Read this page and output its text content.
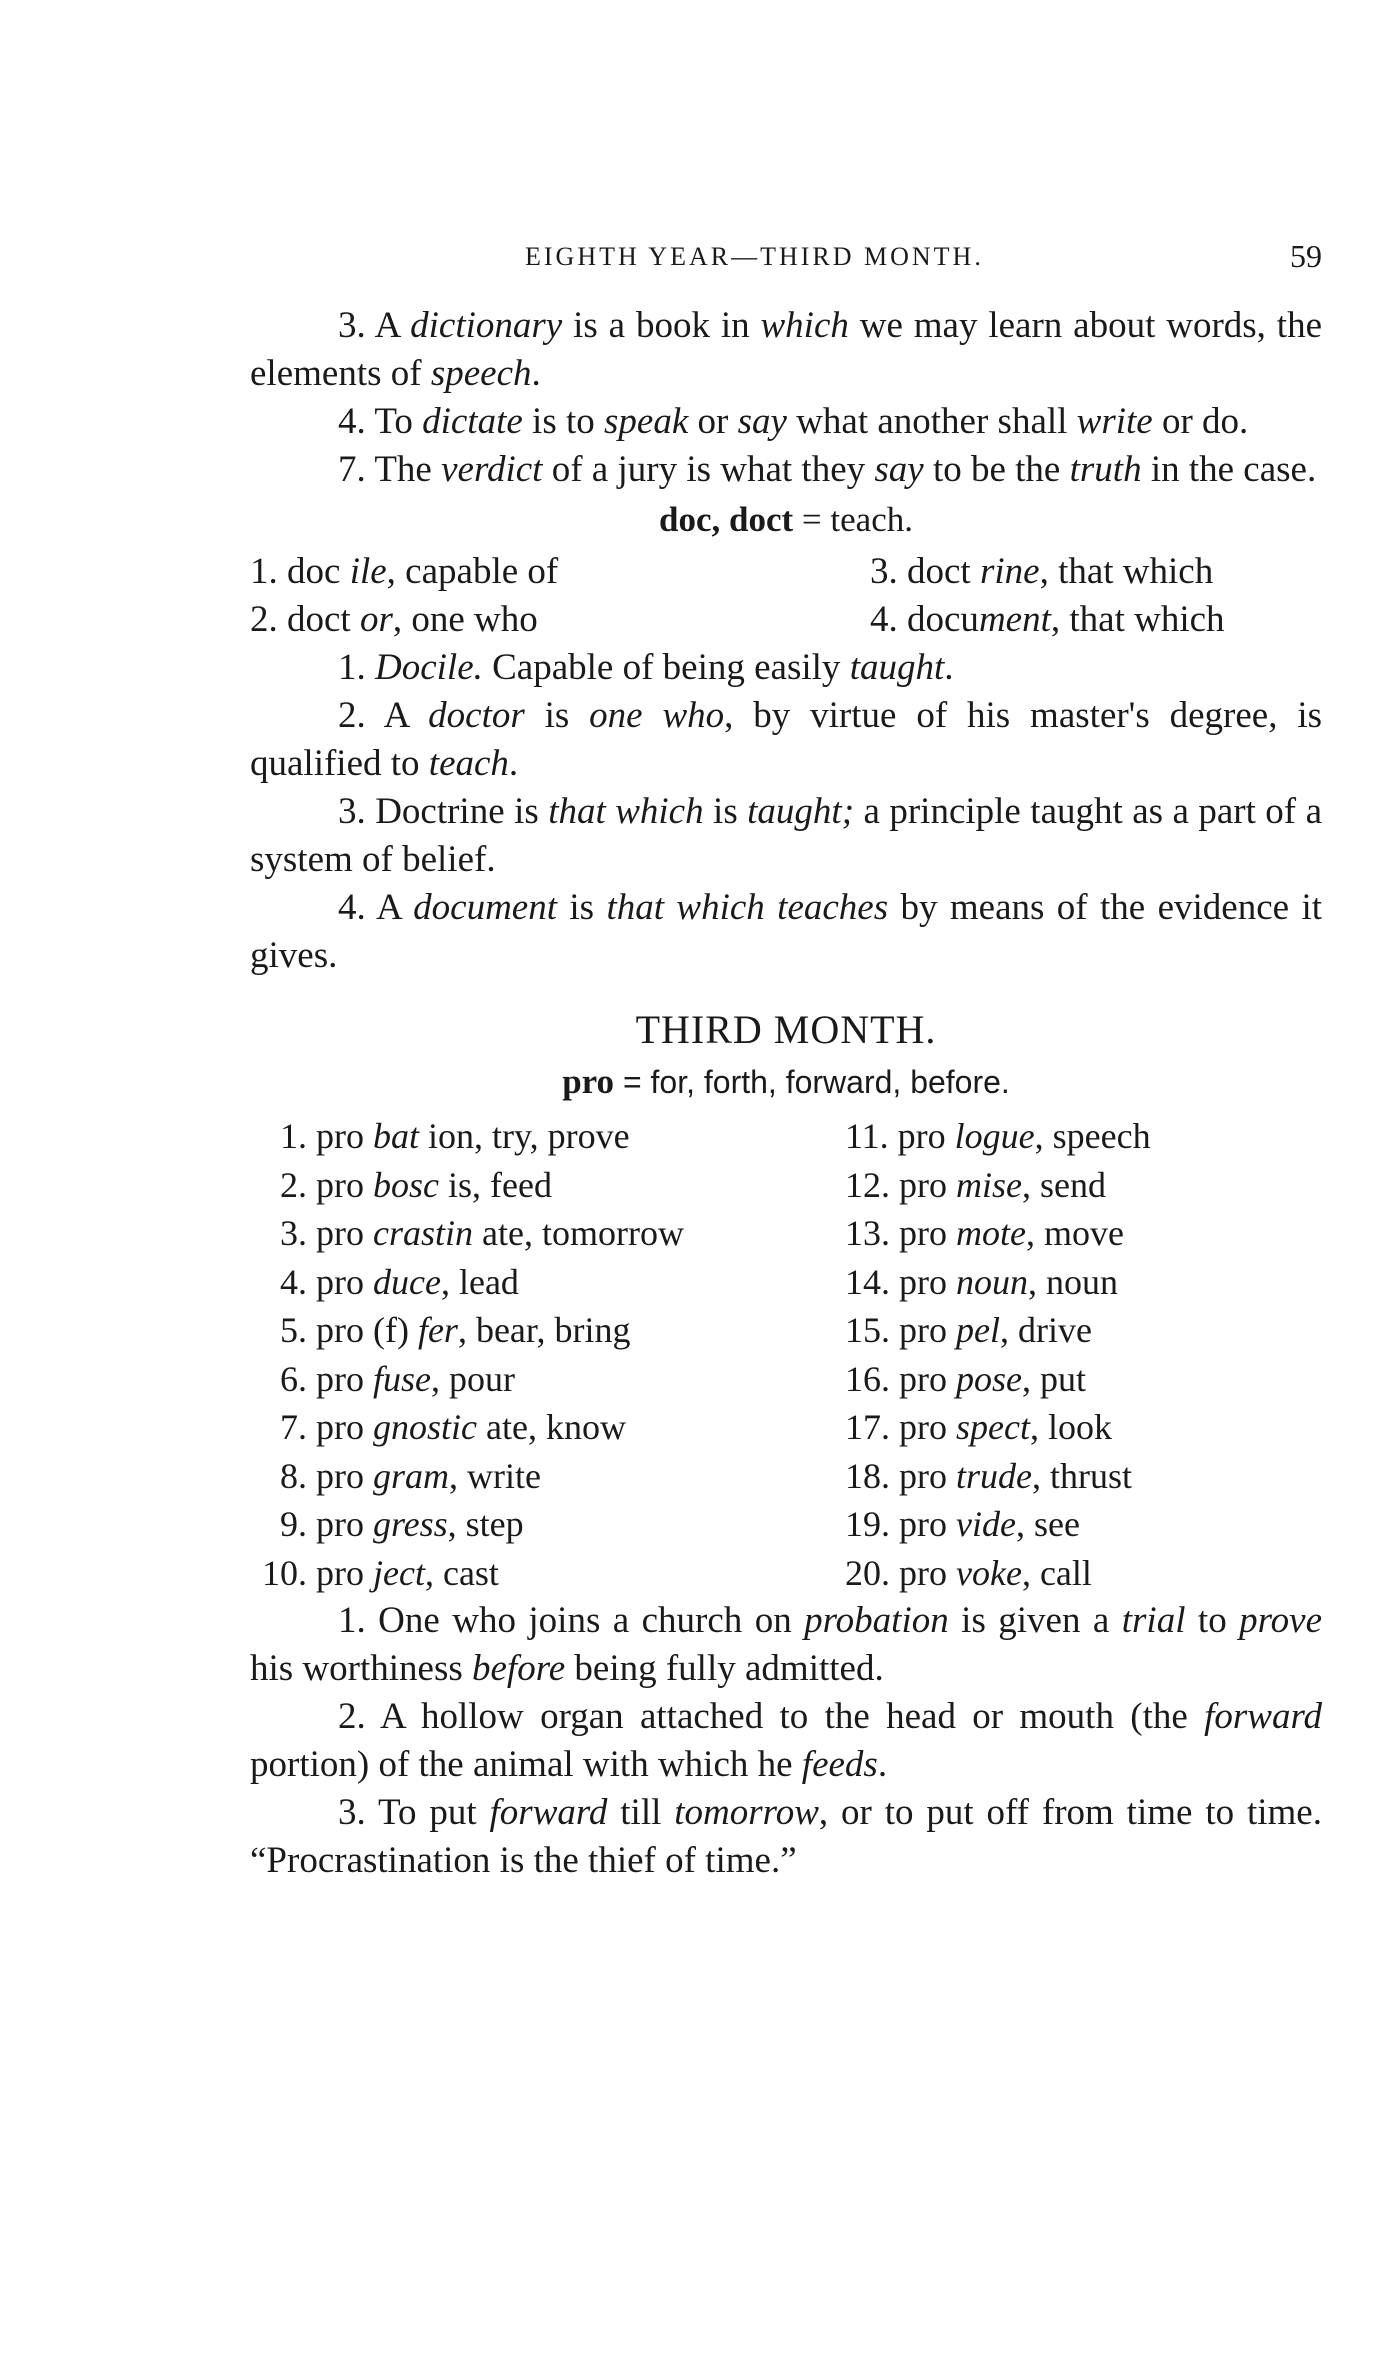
EIGHTH YEAR—THIRD MONTH.	59

3. A dictionary is a book in which we may learn about words, the elements of speech.

4. To dictate is to speak or say what another shall write or do.

7. The verdict of a jury is what they say to be the truth in the case.

doc, doct = teach.

1. doc ile, capable of	3. doct rine, that which
2. doct or, one who	4. document, that which

1. Docile. Capable of being easily taught.

2. A doctor is one who, by virtue of his master's degree, is qualified to teach.

3. Doctrine is that which is taught; a principle taught as a part of a system of belief.

4. A document is that which teaches by means of the evidence it gives.

THIRD MONTH.

pro = for, forth, forward, before.

1. pro bat ion, try, prove
2. pro bosc is, feed
3. pro crastin ate, tomorrow
4. pro duce, lead
5. pro (f) fer, bear, bring
6. pro fuse, pour
7. pro gnostic ate, know
8. pro gram, write
9. pro gress, step
10. pro ject, cast
11. pro logue, speech
12. pro mise, send
13. pro mote, move
14. pro noun, noun
15. pro pel, drive
16. pro pose, put
17. pro spect, look
18. pro trude, thrust
19. pro vide, see
20. pro voke, call

1. One who joins a church on probation is given a trial to prove his worthiness before being fully admitted.

2. A hollow organ attached to the head or mouth (the forward portion) of the animal with which he feeds.

3. To put forward till tomorrow, or to put off from time to time. “Procrastination is the thief of time.”
